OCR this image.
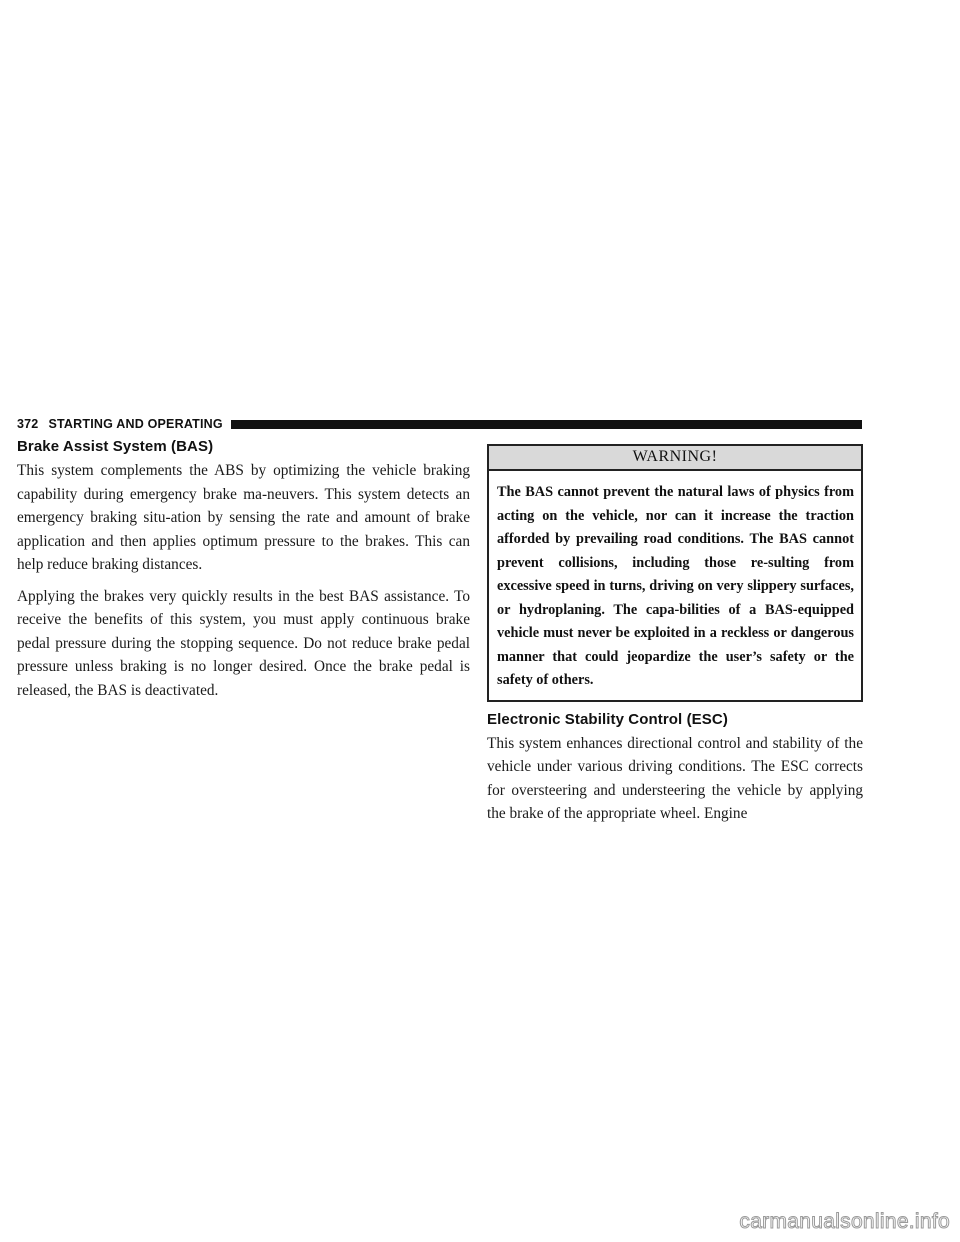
372 STARTING AND OPERATING
Brake Assist System (BAS)

This system complements the ABS by optimizing the vehicle braking capability during emergency brake ma-neuvers. This system detects an emergency braking situ-ation by sensing the rate and amount of brake application and then applies optimum pressure to the brakes. This can help reduce braking distances.

Applying the brakes very quickly results in the best BAS assistance. To receive the benefits of this system, you must apply continuous brake pedal pressure during the stopping sequence. Do not reduce brake pedal pressure unless braking is no longer desired. Once the brake pedal is released, the BAS is deactivated.

WARNING!

The BAS cannot prevent the natural laws of physics from acting on the vehicle, nor can it increase the traction afforded by prevailing road conditions. The BAS cannot prevent collisions, including those re-sulting from excessive speed in turns, driving on very slippery surfaces, or hydroplaning. The capa-bilities of a BAS-equipped vehicle must never be exploited in a reckless or dangerous manner that could jeopardize the user’s safety or the safety of others.

Electronic Stability Control (ESC)

This system enhances directional control and stability of the vehicle under various driving conditions. The ESC corrects for oversteering and understeering the vehicle by applying the brake of the appropriate wheel. Engine

carmanualsonline.info
